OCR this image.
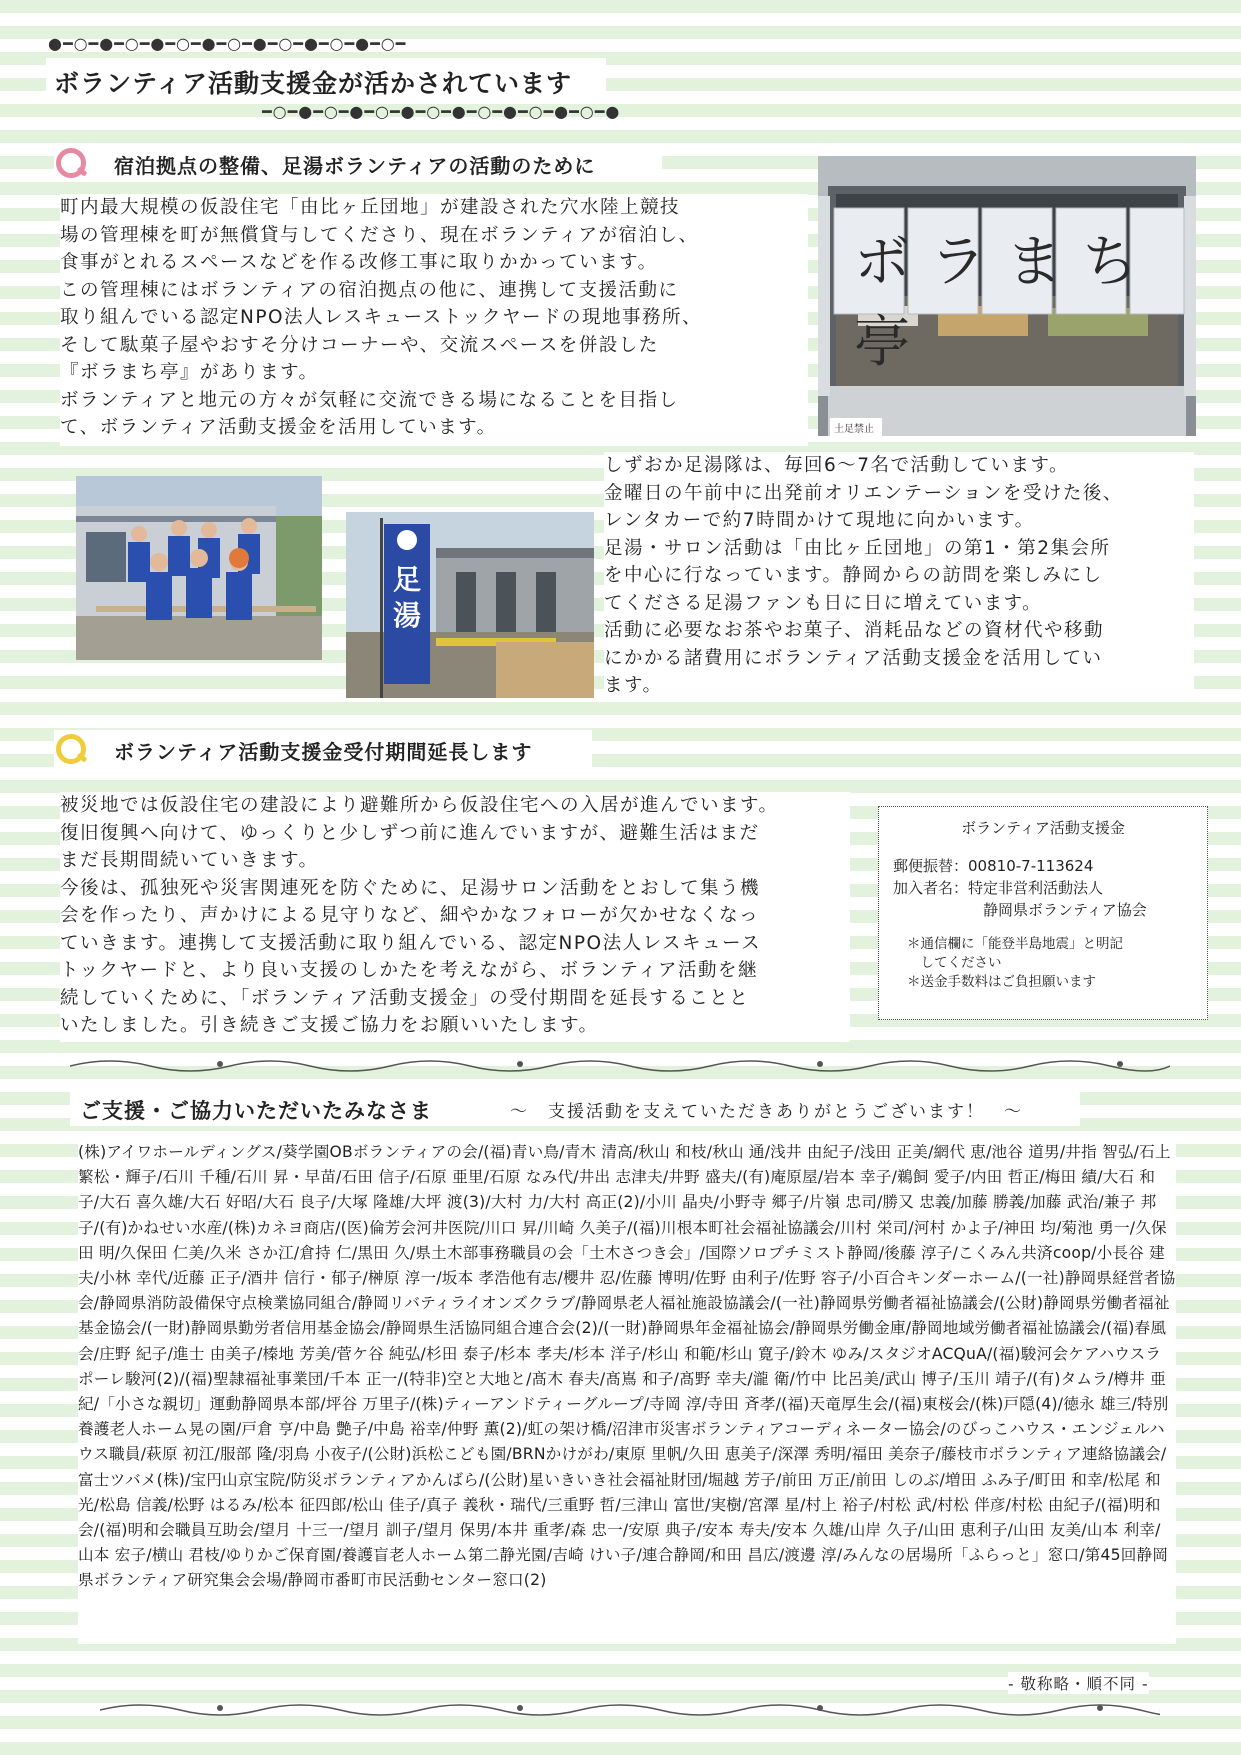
●━○━●━○━●━○━●━○━●━○━●━○━●━○━
ボランティア活動支援金が活かされています
━○━●━○━●━○━●━○━●━○━●━○━●━○━●
宿泊拠点の整備、足湯ボランティアの活動のために
町内最大規模の仮設住宅「由比ヶ丘団地」が建設された穴水陸上競技
場の管理棟を町が無償貸与してくださり、現在ボランティアが宿泊し、
食事がとれるスペースなどを作る改修工事に取りかかっています。
この管理棟にはボランティアの宿泊拠点の他に、連携して支援活動に
取り組んでいる認定NPO法人レスキューストックヤードの現地事務所、
そして駄菓子屋やおすそ分けコーナーや、交流スペースを併設した
『ボラまち亭』があります。
ボランティアと地元の方々が気軽に交流できる場になることを目指し
て、ボランティア活動支援金を活用しています。
ボラまち亭
土足禁止
足湯
しずおか足湯隊は、毎回6～7名で活動しています。
金曜日の午前中に出発前オリエンテーションを受けた後、
レンタカーで約7時間かけて現地に向かいます。
足湯・サロン活動は「由比ヶ丘団地」の第1・第2集会所
を中心に行なっています。静岡からの訪問を楽しみにし
てくださる足湯ファンも日に日に増えています。
活動に必要なお茶やお菓子、消耗品などの資材代や移動
にかかる諸費用にボランティア活動支援金を活用してい
ます。
ボランティア活動支援金受付期間延長します
被災地では仮設住宅の建設により避難所から仮設住宅への入居が進んでいます。
復旧復興へ向けて、ゆっくりと少しずつ前に進んでいますが、避難生活はまだ
まだ長期間続いていきます。
今後は、孤独死や災害関連死を防ぐために、足湯サロン活動をとおして集う機
会を作ったり、声かけによる見守りなど、細やかなフォローが欠かせなくなっ
ていきます。連携して支援活動に取り組んでいる、認定NPO法人レスキュース
トックヤードと、より良い支援のしかたを考えながら、ボランティア活動を継
続していくために、「ボランティア活動支援金」の受付期間を延長することと
いたしました。引き続きご支援ご協力をお願いいたします。
ボランティア活動支援金
郵便振替：00810-7-113624
加入者名：特定非営利活動法人
静岡県ボランティア協会
＊通信欄に「能登半島地震」と明記
　してください
＊送金手数料はご負担願います
ご支援・ご協力いただいたみなさま	～　支援活動を支えていただきありがとうございます！　～
(株)アイワホールディングス/葵学園OBボランティアの会/(福)青い鳥/青木 清高/秋山 和枝/秋山 通/浅井 由紀子/浅田 正美/網代 恵/池谷 道男/井指 智弘/石上 繁松・輝子/石川 千種/石川 昇・早苗/石田 信子/石原 亜里/石原 なみ代/井出 志津夫/井野 盛夫/(有)庵原屋/岩本 幸子/鵜飼 愛子/内田 哲正/梅田 績/大石 和子/大石 喜久雄/大石 好昭/大石 良子/大塚 隆雄/大坪 渡(3)/大村 力/大村 高正(2)/小川 晶央/小野寺 郷子/片嶺 忠司/勝又 忠義/加藤 勝義/加藤 武治/兼子 邦子/(有)かねせい水産/(株)カネヨ商店/(医)倫芳会河井医院/川口 昇/川崎 久美子/(福)川根本町社会福祉協議会/川村 栄司/河村 かよ子/神田 均/菊池 勇一/久保田 明/久保田 仁美/久米 さか江/倉持 仁/黒田 久/県土木部事務職員の会「土木さつき会」/国際ソロプチミスト静岡/後藤 淳子/こくみん共済coop/小長谷 建夫/小林 幸代/近藤 正子/酒井 信行・郁子/榊原 淳一/坂本 孝浩他有志/櫻井 忍/佐藤 博明/佐野 由利子/佐野 容子/小百合キンダーホーム/(一社)静岡県経営者協会/静岡県消防設備保守点検業協同組合/静岡リバティライオンズクラブ/静岡県老人福祉施設協議会/(一社)静岡県労働者福祉協議会/(公財)静岡県労働者福祉基金協会/(一財)静岡県勤労者信用基金協会/静岡県生活協同組合連合会(2)/(一財)静岡県年金福祉協会/静岡県労働金庫/静岡地域労働者福祉協議会/(福)春風会/庄野 紀子/進士 由美子/榛地 芳美/菅ケ谷 純弘/杉田 泰子/杉本 孝夫/杉本 洋子/杉山 和範/杉山 寛子/鈴木 ゆみ/スタジオACQuA/(福)駿河会ケアハウスラポーレ駿河(2)/(福)聖隷福祉事業団/千本 正一/(特非)空と大地と/髙木 春夫/髙嶌 和子/髙野 幸夫/瀧 衛/竹中 比呂美/武山 博子/玉川 靖子/(有)タムラ/樽井 亜紀/「小さな親切」運動静岡県本部/坪谷 万里子/(株)ティーアンドティーグループ/寺岡 淳/寺田 斉孝/(福)天竜厚生会/(福)東桜会/(株)戸隠(4)/徳永 雄三/特別養護老人ホーム晃の園/戸倉 亨/中島 艶子/中島 裕幸/仲野 薫(2)/虹の架け橋/沼津市災害ボランティアコーディネーター協会/のびっこハウス・エンジェルハウス職員/萩原 初江/服部 隆/羽鳥 小夜子/(公財)浜松こども園/BRNかけがわ/東原 里帆/久田 恵美子/深澤 秀明/福田 美奈子/藤枝市ボランティア連絡協議会/富士ツバメ(株)/宝円山京宝院/防災ボランティアかんばら/(公財)星いきいき社会福祉財団/堀越 芳子/前田 万正/前田 しのぶ/増田 ふみ子/町田 和幸/松尾 和光/松島 信義/松野 はるみ/松本 征四郎/松山 佳子/真子 義秋・瑞代/三重野 哲/三津山 富世/実樹/宮澤 星/村上 裕子/村松 武/村松 伴彦/村松 由紀子/(福)明和会/(福)明和会職員互助会/望月 十三一/望月 訓子/望月 保男/本井 重孝/森 忠一/安原 典子/安本 寿夫/安本 久雄/山岸 久子/山田 恵利子/山田 友美/山本 利幸/山本 宏子/横山 君枝/ゆりかご保育園/養護盲老人ホーム第二静光園/吉崎 けい子/連合静岡/和田 昌広/渡邊 淳/みんなの居場所「ふらっと」窓口/第45回静岡県ボランティア研究集会会場/静岡市番町市民活動センター窓口(2)
- 敬称略・順不同 -
